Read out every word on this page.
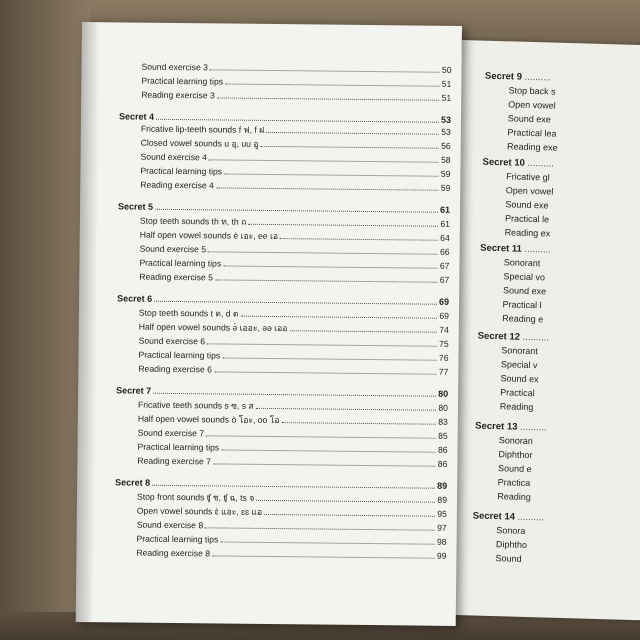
Secret 9 ..........
Stop back s
Open vowel
Sound exe
Practical lea
Reading exe
Secret 10 ..........
Fricative gl
Open vowel
Sound exe
Practical le
Reading ex
Secret 11 ..........
Sonorant
Special vo
Sound exe
Practical l
Reading e
Secret 12 ..........
Sonorant
Special v
Sound ex
Practical
Reading
Secret 13 ..........
Sonoran
Diphthor
Sound e
Practica
Reading
Secret 14 ..........
Sonora
Diphtho
Sound
Sound exercise 3	50
Practical learning tips	51
Reading exercise 3	51
Secret 4	53
Fricative lip-teeth sounds f ฟ, f ฝ	53
Closed vowel sounds u อุ, uu อู	56
Sound exercise 4	58
Practical learning tips	59
Reading exercise 4	59
Secret 5	61
Stop teeth sounds th ท, th ถ	61
Half open vowel sounds è เอะ, ee เอ	64
Sound exercise 5	66
Practical learning tips	67
Reading exercise 5	67
Secret 6	69
Stop teeth sounds t ต, d ด	69
Half open vowel sounds ə̀ เออะ, əə เออ	74
Sound exercise 6	75
Practical learning tips	76
Reading exercise 6	77
Secret 7	80
Fricative teeth sounds s ซ, s ส	80
Half open vowel sounds ò โอะ, oo โอ	83
Sound exercise 7	85
Practical learning tips	86
Reading exercise 7	86
Secret 8	89
Stop front sounds ʧ ช, ʧ ฉ, ts จ	89
Open vowel sounds ɛ̀ แอะ, ɛɛ แอ	95
Sound exercise 8	97
Practical learning tips	98
Reading exercise 8	99
